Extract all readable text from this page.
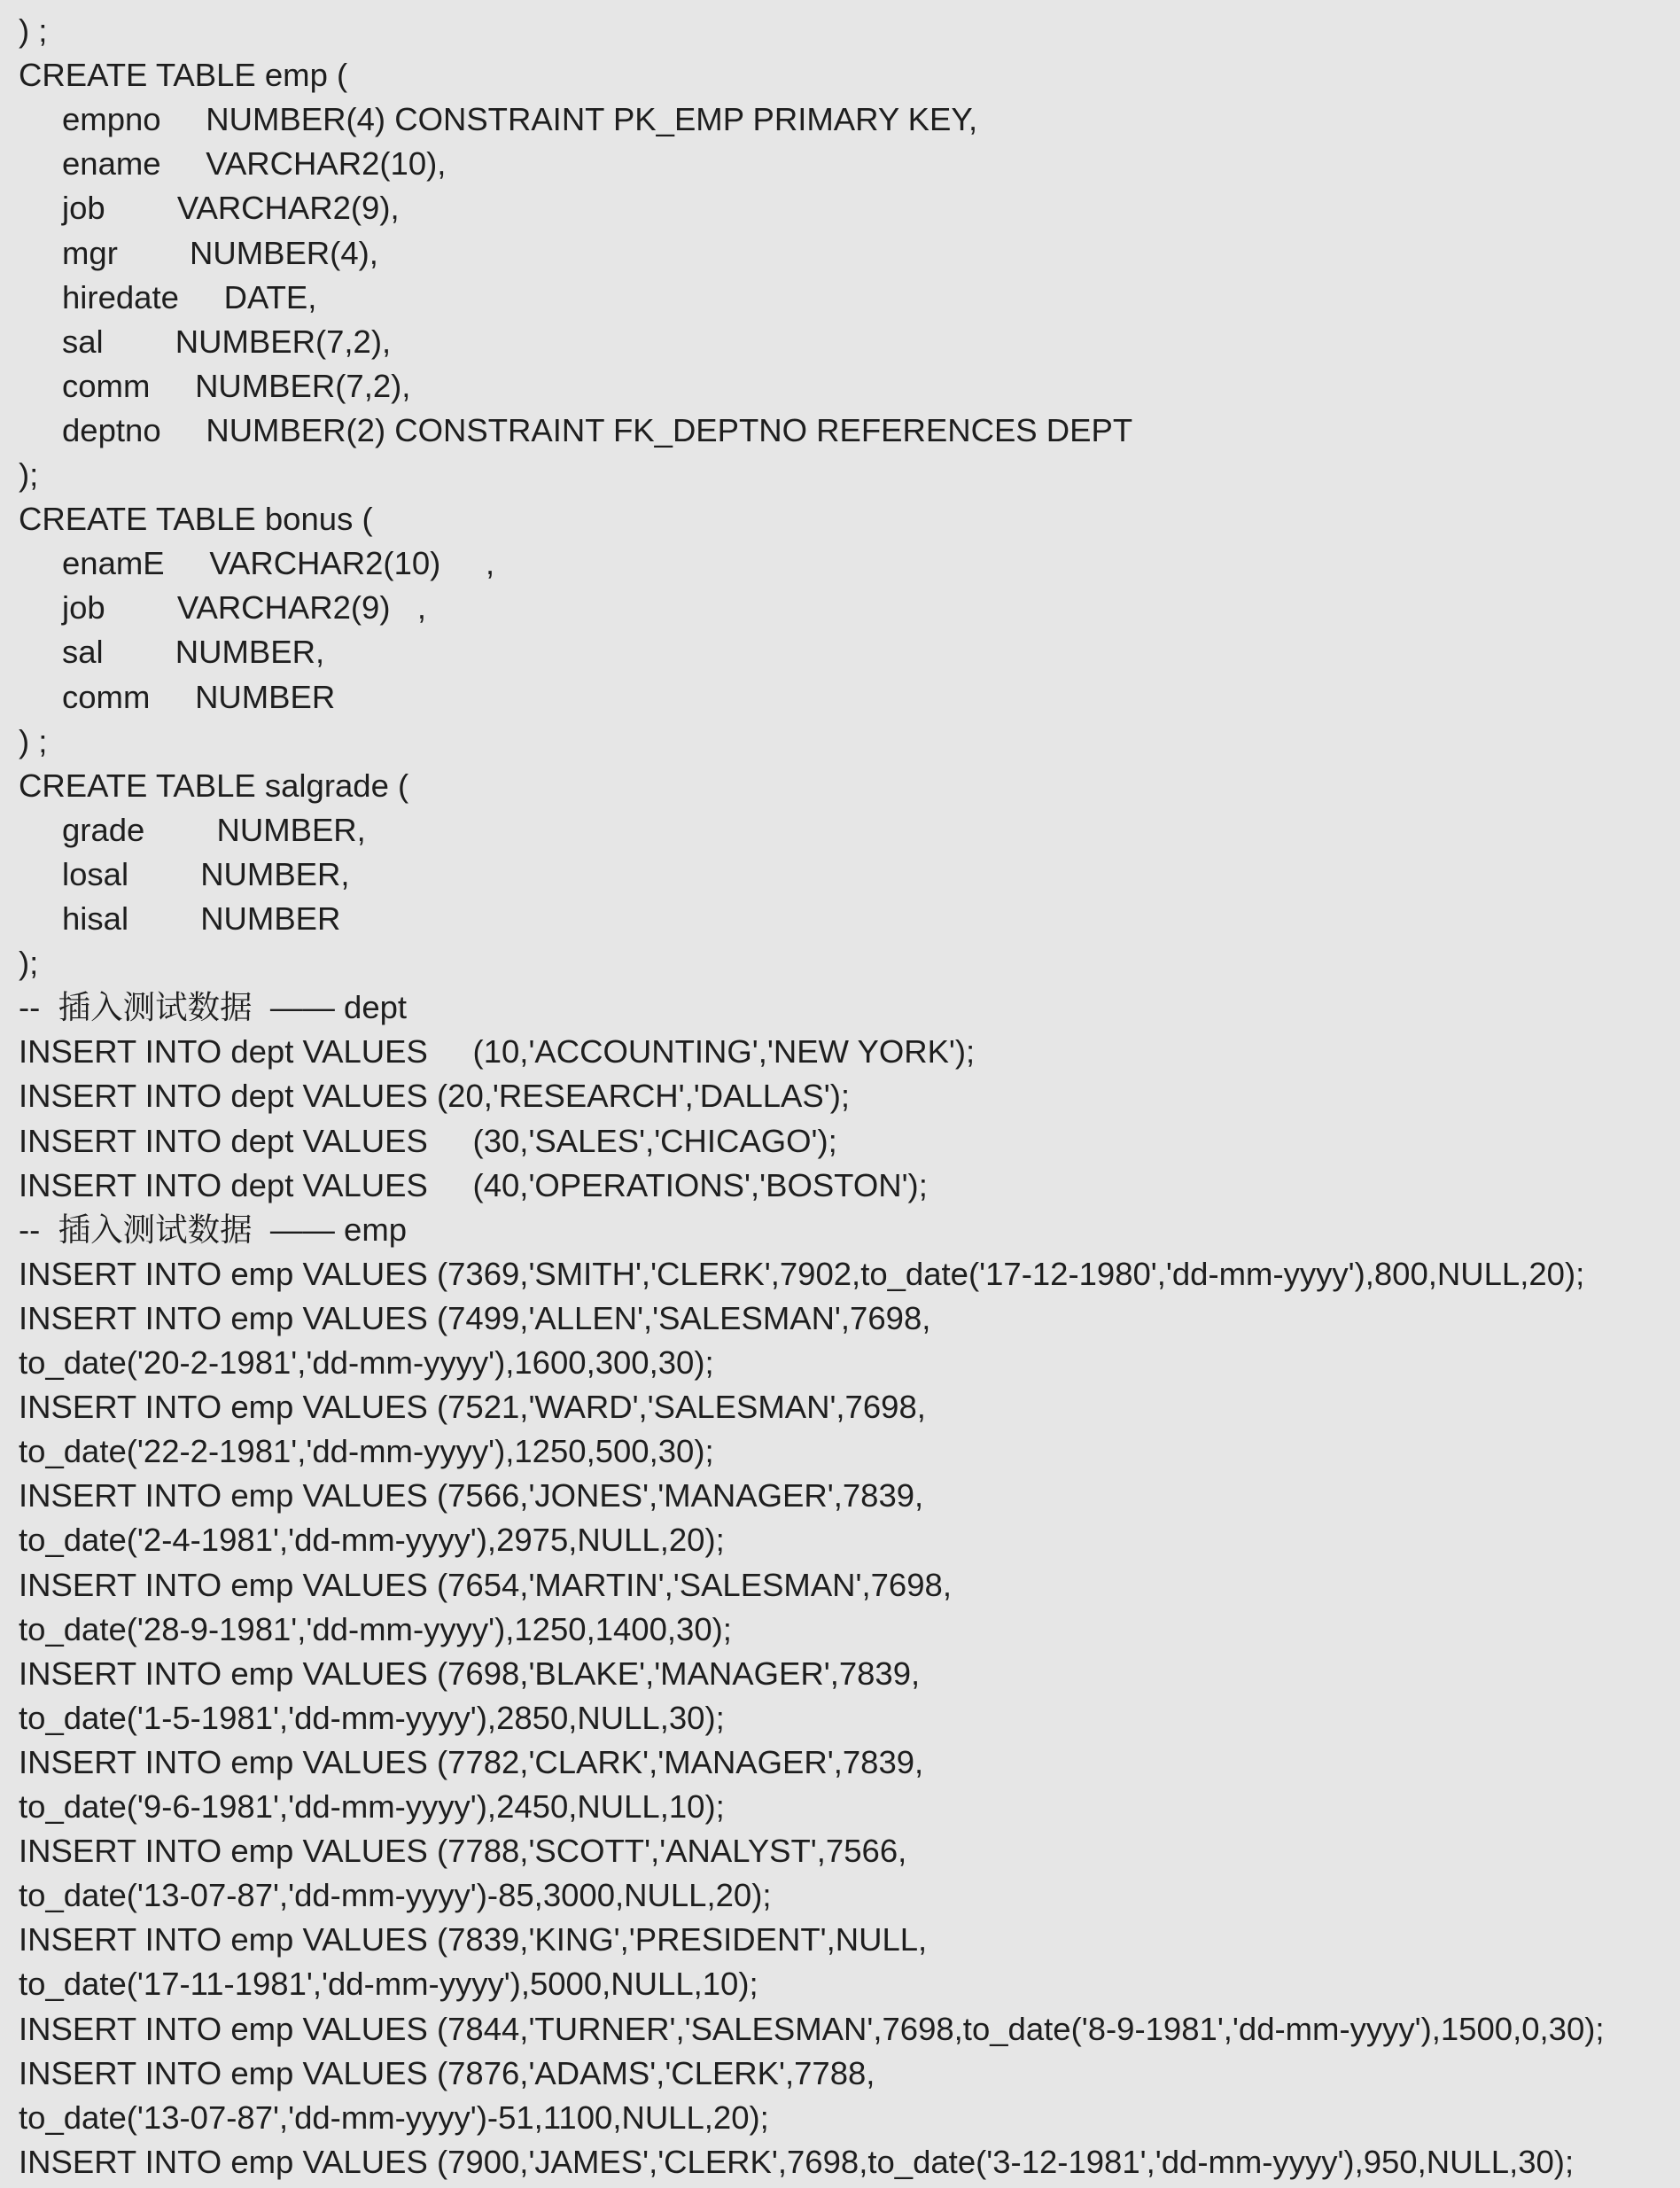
) ;
CREATE TABLE emp (
empno     NUMBER(4) CONSTRAINT PK_EMP PRIMARY KEY,
ename     VARCHAR2(10),
job        VARCHAR2(9),
mgr        NUMBER(4),
hiredate     DATE,
sal        NUMBER(7,2),
comm     NUMBER(7,2),
deptno     NUMBER(2) CONSTRAINT FK_DEPTNO REFERENCES DEPT
);
CREATE TABLE bonus (
enamE     VARCHAR2(10)     ,
job        VARCHAR2(9)   ,
sal        NUMBER,
comm     NUMBER
) ;
CREATE TABLE salgrade (
grade        NUMBER,
losal        NUMBER,
hisal        NUMBER
);
--  插入测试数据  —— dept
INSERT INTO dept VALUES     (10,'ACCOUNTING','NEW YORK');
INSERT INTO dept VALUES (20,'RESEARCH','DALLAS');
INSERT INTO dept VALUES     (30,'SALES','CHICAGO');
INSERT INTO dept VALUES     (40,'OPERATIONS','BOSTON');
--  插入测试数据  —— emp
INSERT INTO emp VALUES (7369,'SMITH','CLERK',7902,to_date('17-12-1980','dd-mm-yyyy'),800,NULL,20);
INSERT INTO emp VALUES (7499,'ALLEN','SALESMAN',7698,
to_date('20-2-1981','dd-mm-yyyy'),1600,300,30);
INSERT INTO emp VALUES (7521,'WARD','SALESMAN',7698,
to_date('22-2-1981','dd-mm-yyyy'),1250,500,30);
INSERT INTO emp VALUES (7566,'JONES','MANAGER',7839,
to_date('2-4-1981','dd-mm-yyyy'),2975,NULL,20);
INSERT INTO emp VALUES (7654,'MARTIN','SALESMAN',7698,
to_date('28-9-1981','dd-mm-yyyy'),1250,1400,30);
INSERT INTO emp VALUES (7698,'BLAKE','MANAGER',7839,
to_date('1-5-1981','dd-mm-yyyy'),2850,NULL,30);
INSERT INTO emp VALUES (7782,'CLARK','MANAGER',7839,
to_date('9-6-1981','dd-mm-yyyy'),2450,NULL,10);
INSERT INTO emp VALUES (7788,'SCOTT','ANALYST',7566,
to_date('13-07-87','dd-mm-yyyy')-85,3000,NULL,20);
INSERT INTO emp VALUES (7839,'KING','PRESIDENT',NULL,
to_date('17-11-1981','dd-mm-yyyy'),5000,NULL,10);
INSERT INTO emp VALUES (7844,'TURNER','SALESMAN',7698,to_date('8-9-1981','dd-mm-yyyy'),1500,0,30);
INSERT INTO emp VALUES (7876,'ADAMS','CLERK',7788,
to_date('13-07-87','dd-mm-yyyy')-51,1100,NULL,20);
INSERT INTO emp VALUES (7900,'JAMES','CLERK',7698,to_date('3-12-1981','dd-mm-yyyy'),950,NULL,30);
